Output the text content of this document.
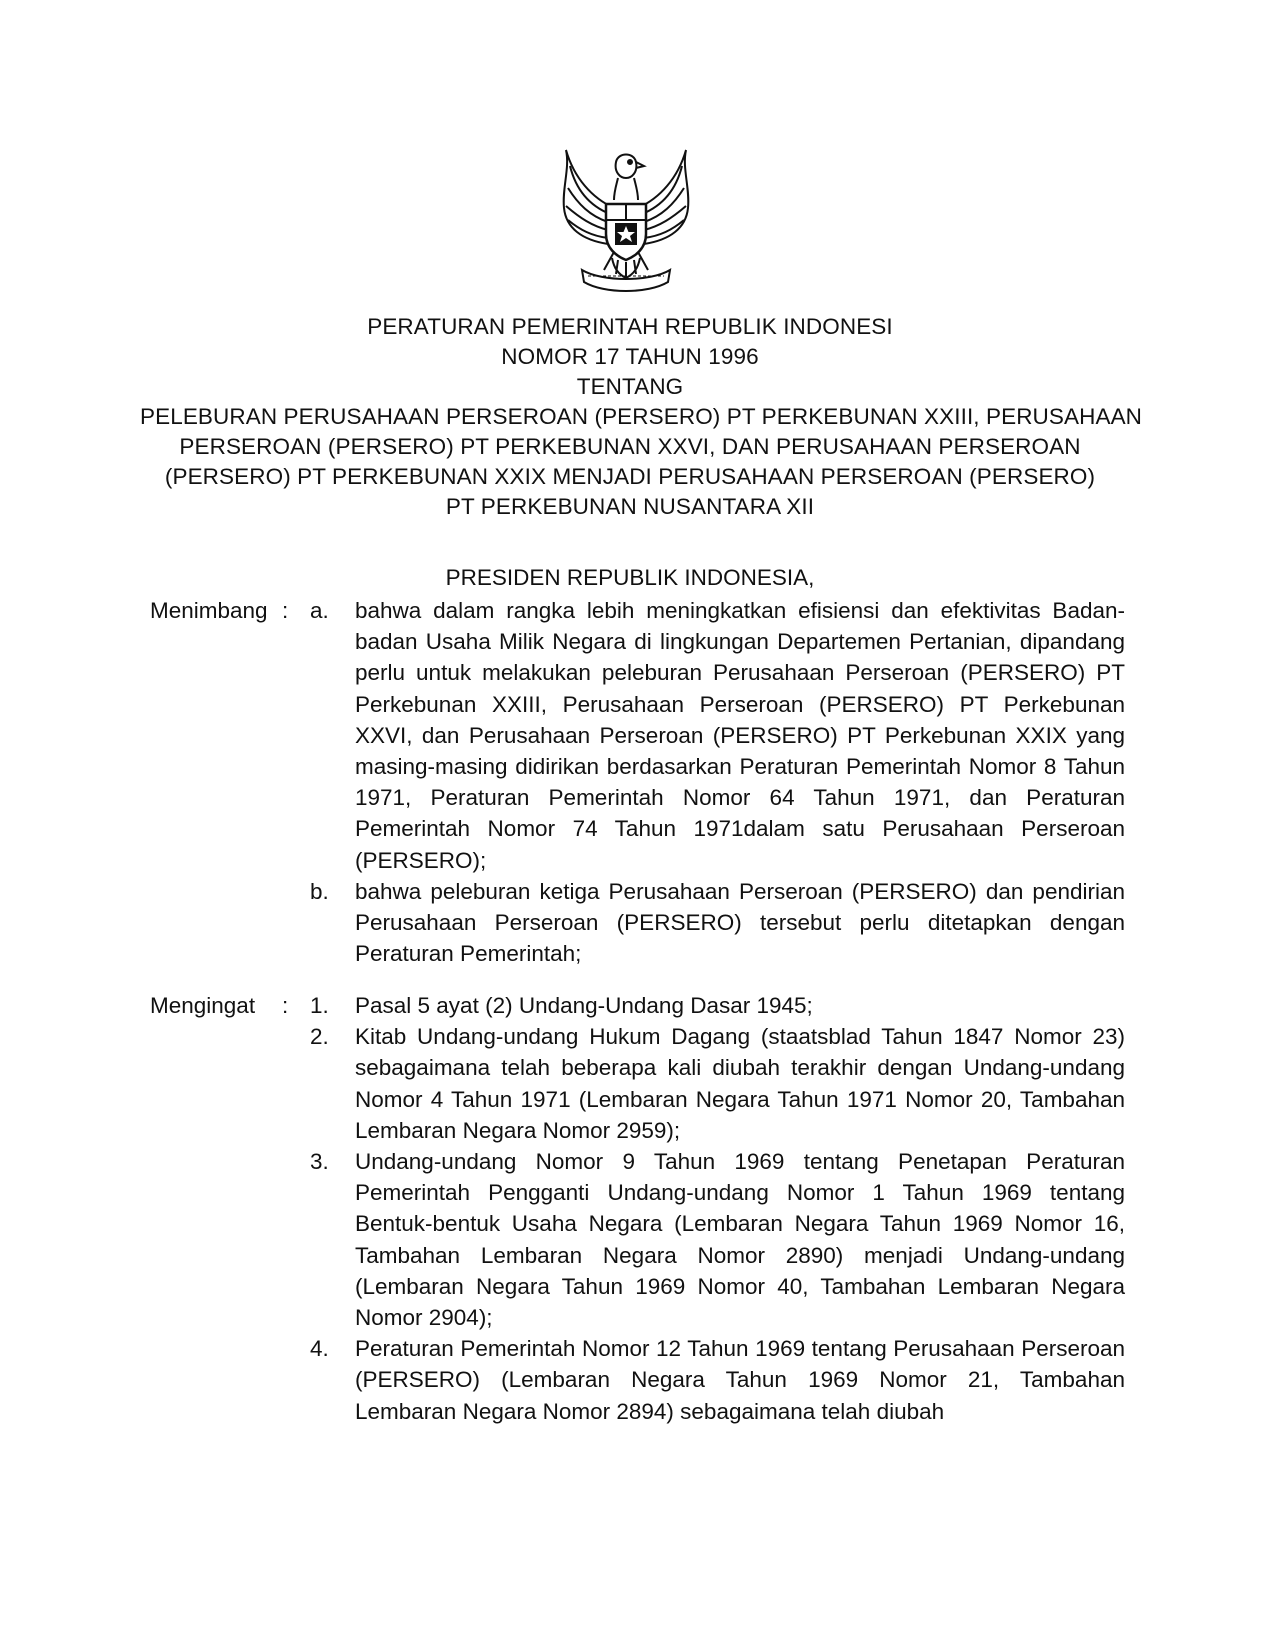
PERATURAN PEMERINTAH REPUBLIK INDONESI
NOMOR 17 TAHUN 1996
TENTANG
PELEBURAN PERUSAHAAN PERSEROAN (PERSERO) PT PERKEBUNAN XXIII, PERUSAHAAN
PERSEROAN (PERSERO) PT PERKEBUNAN XXVI, DAN PERUSAHAAN PERSEROAN
(PERSERO) PT PERKEBUNAN XXIX MENJADI PERUSAHAAN PERSEROAN (PERSERO)
PT PERKEBUNAN NUSANTARA XII
PRESIDEN REPUBLIK INDONESIA,
Menimbang : a.	bahwa dalam rangka lebih meningkatkan efisiensi dan efektivitas Badan-badan Usaha Milik Negara di lingkungan Departemen Pertanian, dipandang perlu untuk melakukan peleburan Perusahaan Perseroan (PERSERO) PT Perkebunan XXIII, Perusahaan Perseroan (PERSERO) PT Perkebunan XXVI, dan Perusahaan Perseroan (PERSERO) PT Perkebunan XXIX yang masing-masing didirikan berdasarkan Peraturan Pemerintah Nomor 8 Tahun 1971, Peraturan Pemerintah Nomor 64 Tahun 1971, dan Peraturan Pemerintah Nomor 74 Tahun 1971dalam satu Perusahaan Perseroan (PERSERO);
b.	bahwa peleburan ketiga Perusahaan Perseroan (PERSERO) dan pendirian Perusahaan Perseroan (PERSERO) tersebut perlu ditetapkan dengan Peraturan Pemerintah;
Mengingat : 1.	Pasal 5 ayat (2) Undang-Undang Dasar 1945;
2.	Kitab Undang-undang Hukum Dagang (staatsblad Tahun 1847 Nomor 23) sebagaimana telah beberapa kali diubah terakhir dengan Undang-undang Nomor 4 Tahun 1971 (Lembaran Negara Tahun 1971 Nomor 20, Tambahan Lembaran Negara Nomor 2959);
3.	Undang-undang Nomor 9 Tahun 1969 tentang Penetapan Peraturan Pemerintah Pengganti Undang-undang Nomor 1 Tahun 1969 tentang Bentuk-bentuk Usaha Negara (Lembaran Negara Tahun 1969 Nomor 16, Tambahan Lembaran Negara Nomor 2890) menjadi Undang-undang (Lembaran Negara Tahun 1969 Nomor 40, Tambahan Lembaran Negara Nomor 2904);
4.	Peraturan Pemerintah Nomor 12 Tahun 1969 tentang Perusahaan Perseroan (PERSERO) (Lembaran Negara Tahun 1969 Nomor 21, Tambahan Lembaran Negara Nomor 2894) sebagaimana telah diubah
